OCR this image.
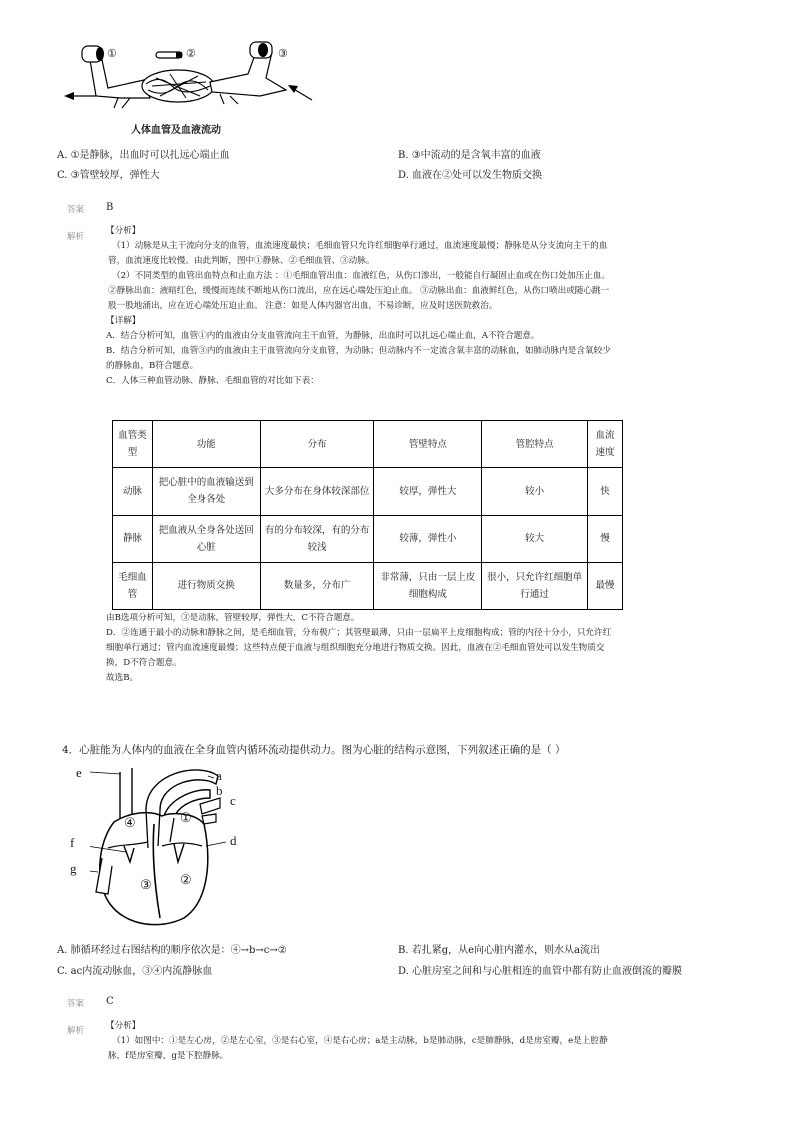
①	②	③
人体血管及血液流动
A. ①是静脉，出血时可以扎远心端止血	B. ③中流动的是含氧丰富的血液
C. ③管壁较厚，弹性大	D. 血液在②处可以发生物质交换
答案 B
解析
【分析】
（1）动脉是从主干流向分支的血管，血流速度最快；毛细血管只允许红细胞单行通过，血流速度最慢；静脉是从分支流向主干的血
管，血流速度比较慢。由此判断，图中①静脉、②毛细血管、③动脉。
（2）不同类型的血管出血特点和止血方法 ：①毛细血管出血：血液红色，从伤口渗出，一般能自行凝固止血或在伤口处加压止血。
②静脉出血：液暗红色，缓慢而连续不断地从伤口流出，应在远心端处压迫止血。 ③动脉出血：血液鲜红色，从伤口喷出或随心跳一
股一股地涌出，应在近心端处压迫止血。 注意：如是人体内器官出血，不易诊断，应及时送医院救治。
【详解】
A．结合分析可知，血管①内的血液由分支血管流向主干血管，为静脉，出血时可以扎远心端止血，A不符合题意。
B．结合分析可知，血管③内的血液由主干血管流向分支血管，为动脉；但动脉内不一定流含氧丰富的动脉血，如肺动脉内是含氧较少
的静脉血，B符合题意。
C．人体三种血管动脉、静脉、毛细血管的对比如下表：
血管类型	功能	分布	管壁特点	管腔特点	血流速度
动脉	把心脏中的血液输送到全身各处	大多分布在身体较深部位	较厚，弹性大	较小	快
静脉	把血液从全身各处送回心脏	有的分布较深，有的分布较浅	较薄，弹性小	较大	慢
毛细血管	进行物质交换	数量多，分布广	非常薄，只由一层上皮细胞构成	很小，只允许红细胞单行通过	最慢
由B选项分析可知，③是动脉，管壁较厚，弹性大，C不符合题意。
D．②连通于最小的动脉和静脉之间，是毛细血管，分布极广；其管壁最薄，只由一层扁平上皮细胞构成；管的内径十分小，只允许红
细胞单行通过；管内血流速度最慢；这些特点便于血液与组织细胞充分地进行物质交换。因此，血液在②毛细血管处可以发生物质交
换，D不符合题意。
故选B。
4．心脏能为人体内的血液在全身血管内循环流动提供动力。图为心脏的结构示意图，下列叙述正确的是（ ）
e	a
b
c
d
f
g
①
②
③
④
A. 肺循环经过右图结构的顺序依次是：④→b→c→②	B. 若扎紧g，从e向心脏内灌水，则水从a流出
C. ac内流动脉血，③④内流静脉血	D. 心脏房室之间和与心脏相连的血管中都有防止血液倒流的瓣膜
答案 C
解析	【分析】
（1）如图中：①是左心房，②是左心室，③是右心室，④是右心房；a是主动脉，b是肺动脉，c是肺静脉，d是房室瓣，e是上腔静
脉，f是房室瓣，g是下腔静脉。
